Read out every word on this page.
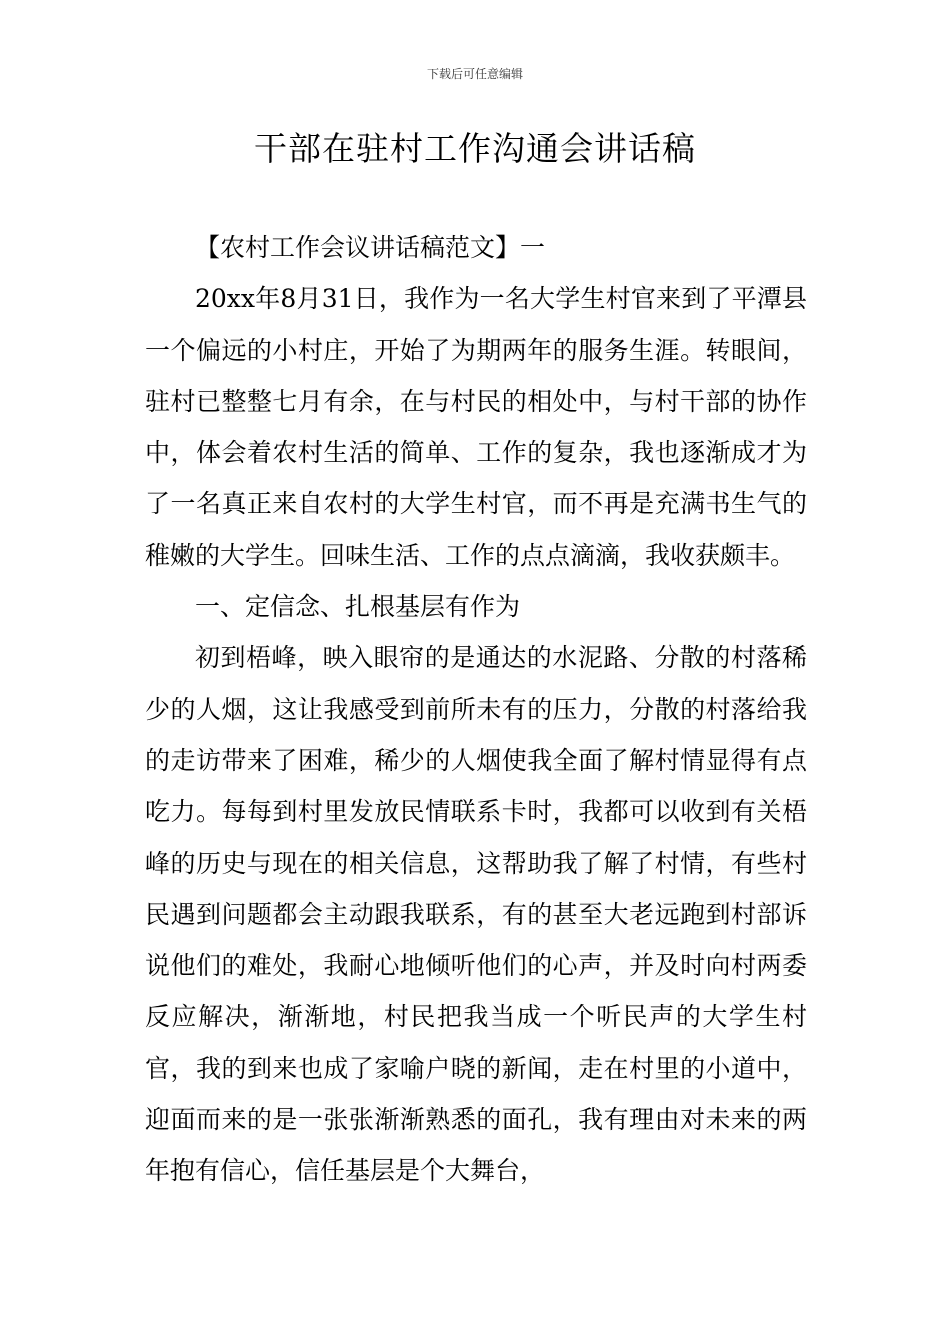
下载后可任意编辑
干部在驻村工作沟通会讲话稿

【农村工作会议讲话稿范文】一

20xx年8月31日，我作为一名大学生村官来到了平潭县一个偏远的小村庄，开始了为期两年的服务生涯。转眼间，驻村已整整七月有余，在与村民的相处中，与村干部的协作中，体会着农村生活的简单、工作的复杂，我也逐渐成才为了一名真正来自农村的大学生村官，而不再是充满书生气的稚嫩的大学生。回味生活、工作的点点滴滴，我收获颇丰。

一、定信念、扎根基层有作为

初到梧峰，映入眼帘的是通达的水泥路、分散的村落稀少的人烟，这让我感受到前所未有的压力，分散的村落给我的走访带来了困难，稀少的人烟使我全面了解村情显得有点吃力。每每到村里发放民情联系卡时，我都可以收到有关梧峰的历史与现在的相关信息，这帮助我了解了村情，有些村民遇到问题都会主动跟我联系，有的甚至大老远跑到村部诉说他们的难处，我耐心地倾听他们的心声，并及时向村两委反应解决，渐渐地，村民把我当成一个听民声的大学生村官，我的到来也成了家喻户晓的新闻，走在村里的小道中，迎面而来的是一张张渐渐熟悉的面孔，我有理由对未来的两年抱有信心，信任基层是个大舞台，
